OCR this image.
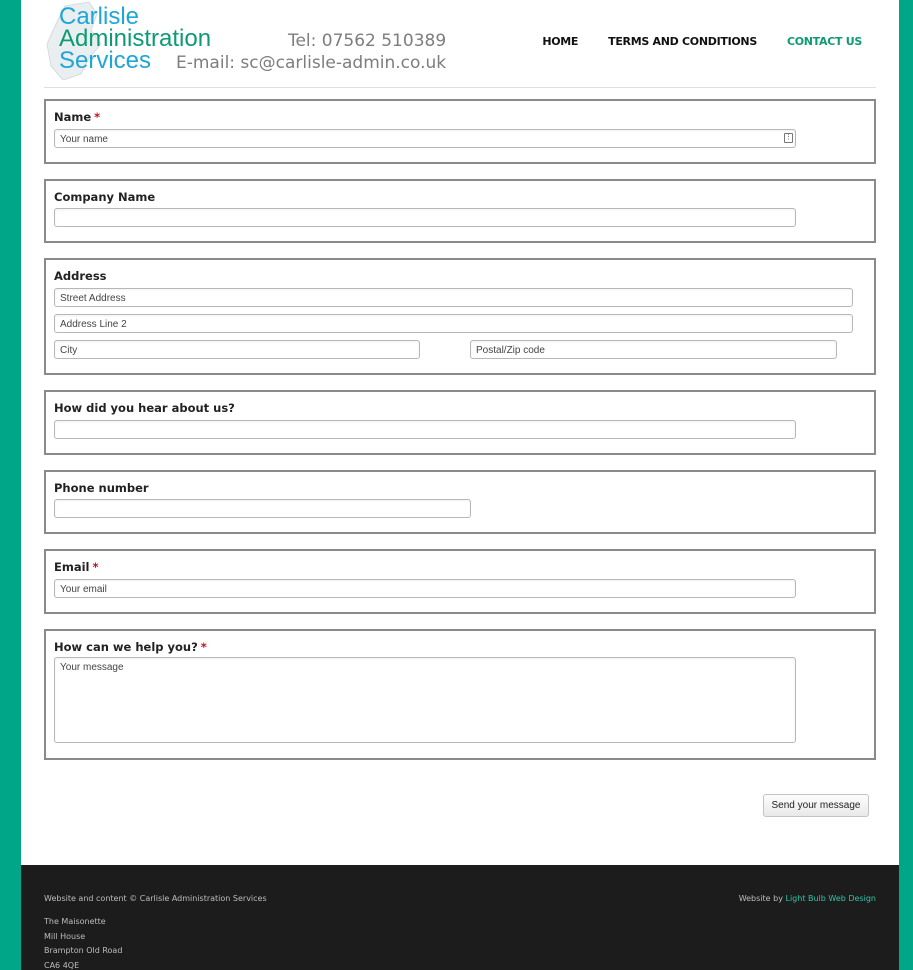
Carlisle
Administration
Services
Tel: 07562 510389
E-mail: sc@carlisle-admin.co.uk
HOME	TERMS AND CONDITIONS	CONTACT US
Name *
Your name	⋮
Company Name
Address
Street Address
Address Line 2
City	Postal/Zip code
How did you hear about us?
Phone number
Email *
Your email
How can we help you? *
Your message
Send your message
Website and content © Carlisle Administration Services	Website by Light Bulb Web Design
The Maisonette
Mill House
Brampton Old Road
CA6 4QE
